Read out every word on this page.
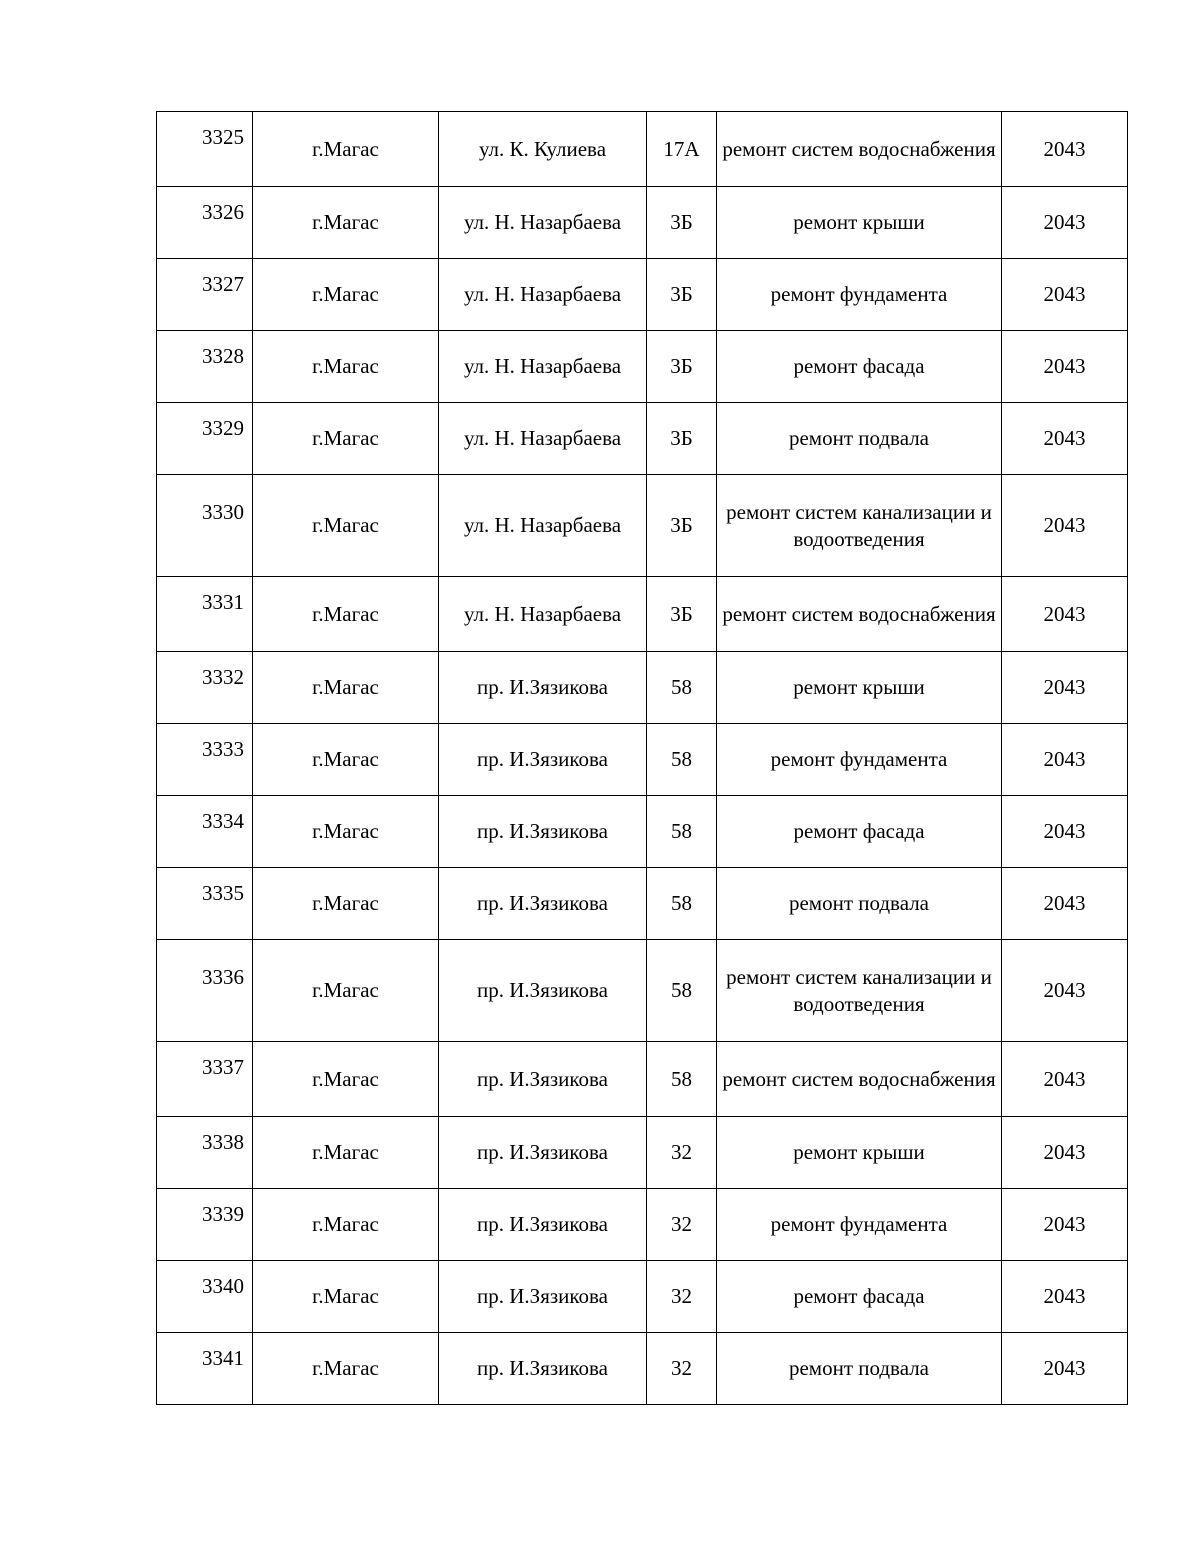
3325	г.Магас	ул. К. Кулиева	17А	ремонт систем водоснабжения	2043
3326	г.Магас	ул. Н. Назарбаева	3Б	ремонт крыши	2043
3327	г.Магас	ул. Н. Назарбаева	3Б	ремонт фундамента	2043
3328	г.Магас	ул. Н. Назарбаева	3Б	ремонт фасада	2043
3329	г.Магас	ул. Н. Назарбаева	3Б	ремонт подвала	2043
3330	г.Магас	ул. Н. Назарбаева	3Б	ремонт систем канализации и водоотведения	2043
3331	г.Магас	ул. Н. Назарбаева	3Б	ремонт систем водоснабжения	2043
3332	г.Магас	пр. И.Зязикова	58	ремонт крыши	2043
3333	г.Магас	пр. И.Зязикова	58	ремонт фундамента	2043
3334	г.Магас	пр. И.Зязикова	58	ремонт фасада	2043
3335	г.Магас	пр. И.Зязикова	58	ремонт подвала	2043
3336	г.Магас	пр. И.Зязикова	58	ремонт систем канализации и водоотведения	2043
3337	г.Магас	пр. И.Зязикова	58	ремонт систем водоснабжения	2043
3338	г.Магас	пр. И.Зязикова	32	ремонт крыши	2043
3339	г.Магас	пр. И.Зязикова	32	ремонт фундамента	2043
3340	г.Магас	пр. И.Зязикова	32	ремонт фасада	2043
3341	г.Магас	пр. И.Зязикова	32	ремонт подвала	2043
